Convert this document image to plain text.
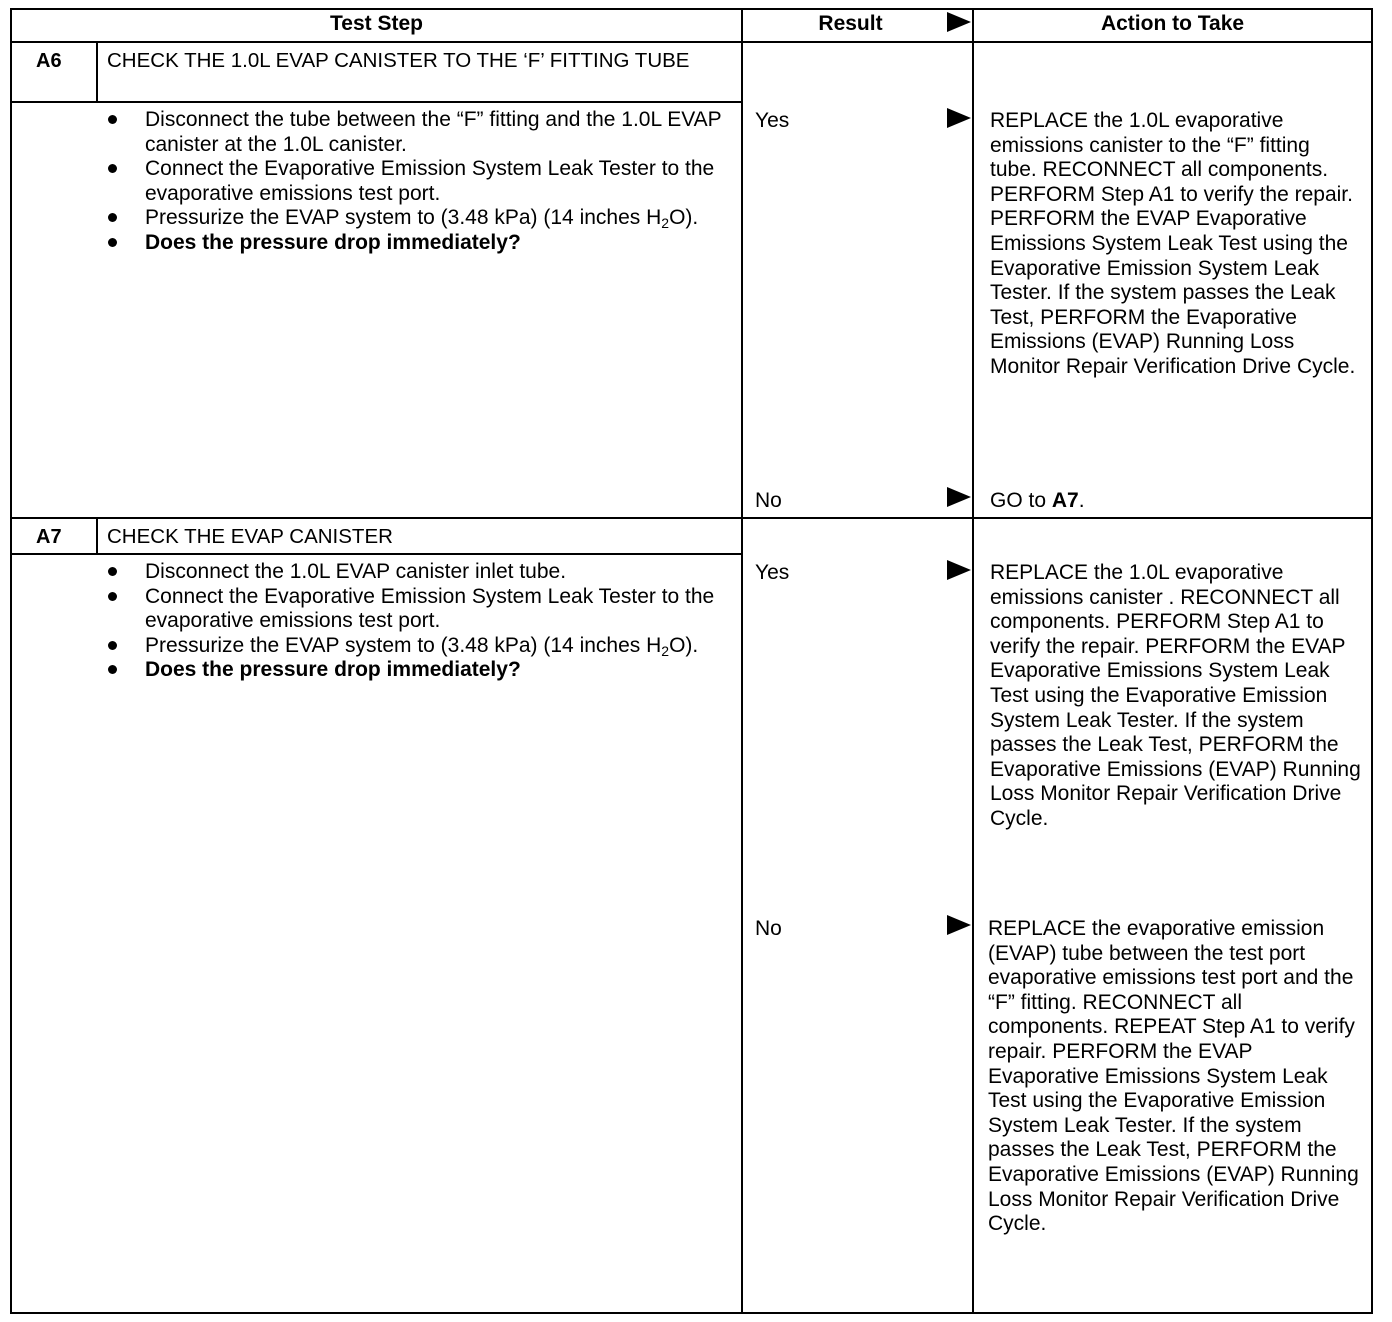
Test Step	Result	Action to Take
A6 CHECK THE 1.0L EVAP CANISTER TO THE ‘F’ FITTING TUBE
Disconnect the tube between the “F” fitting and the 1.0L EVAP canister at the 1.0L canister.
Connect the Evaporative Emission System Leak Tester to the evaporative emissions test port.
Pressurize the EVAP system to (3.48 kPa) (14 inches $H_2O$).
Does the pressure drop immediately?
Yes	REPLACE the 1.0L evaporative emissions canister to the “F” fitting tube. RECONNECT all components. PERFORM Step A1 to verify the repair. PERFORM the EVAP Evaporative Emissions System Leak Test using the Evaporative Emission System Leak Tester. If the system passes the Leak Test, PERFORM the Evaporative Emissions (EVAP) Running Loss Monitor Repair Verification Drive Cycle.
No	GO to A7.
A7 CHECK THE EVAP CANISTER
Disconnect the 1.0L EVAP canister inlet tube.
Connect the Evaporative Emission System Leak Tester to the evaporative emissions test port.
Pressurize the EVAP system to (3.48 kPa) (14 inches $H_2O$).
Does the pressure drop immediately?
Yes	REPLACE the 1.0L evaporative emissions canister . RECONNECT all components. PERFORM Step A1 to verify the repair. PERFORM the EVAP Evaporative Emissions System Leak Test using the Evaporative Emission System Leak Tester. If the system passes the Leak Test, PERFORM the Evaporative Emissions (EVAP) Running Loss Monitor Repair Verification Drive Cycle.
No	REPLACE the evaporative emission (EVAP) tube between the test port evaporative emissions test port and the “F” fitting. RECONNECT all components. REPEAT Step A1 to verify repair. PERFORM the EVAP Evaporative Emissions System Leak Test using the Evaporative Emission System Leak Tester. If the system passes the Leak Test, PERFORM the Evaporative Emissions (EVAP) Running Loss Monitor Repair Verification Drive Cycle.
